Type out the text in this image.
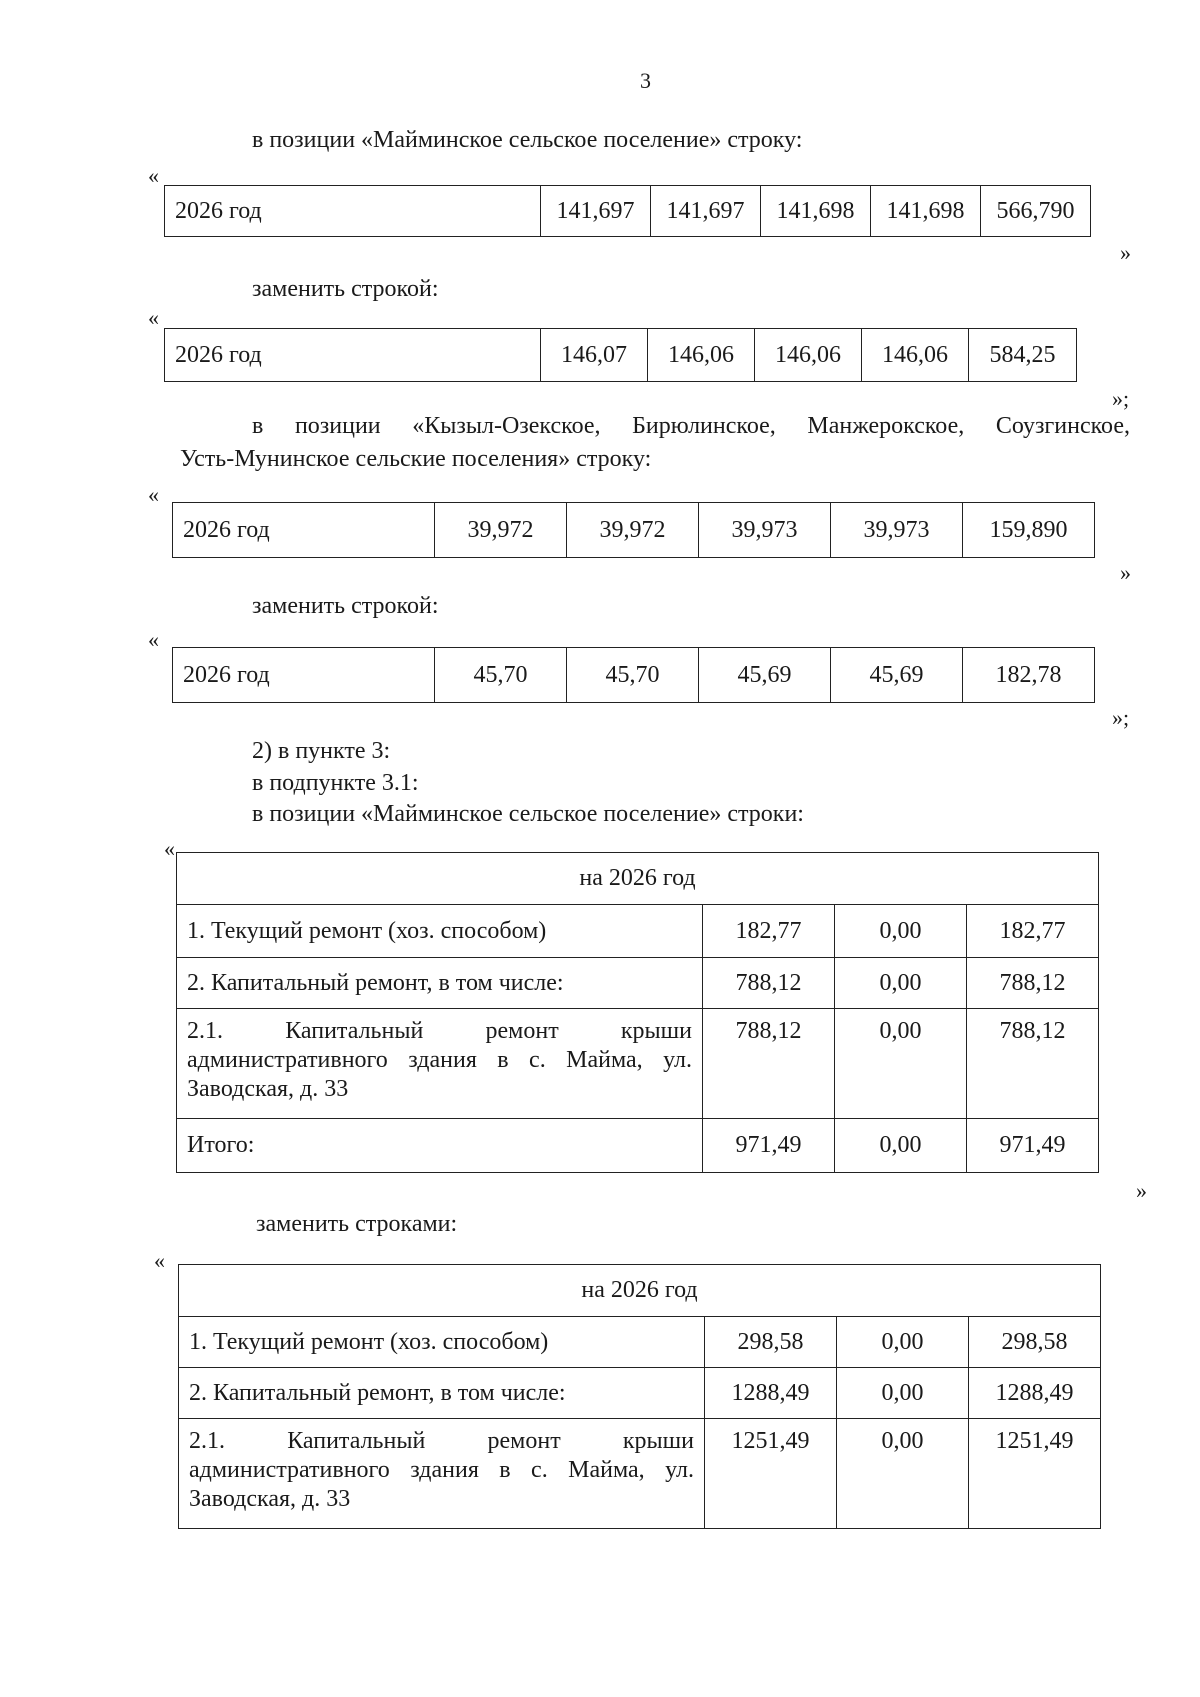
3
в позиции «Майминское сельское поселение» строку:
«
2026 год	141,697	141,697	141,698	141,698	566,790
»
заменить строкой:
«
2026 год	146,07	146,06	146,06	146,06	584,25
»;
в позиции «Кызыл-Озекское, Бирюлинское, Манжерокское, Соузгинское,
Усть-Мунинское сельские поселения» строку:
«
2026 год	39,972	39,972	39,973	39,973	159,890
»
заменить строкой:
«
2026 год	45,70	45,70	45,69	45,69	182,78
»;
2) в пункте 3:
в подпункте 3.1:
в позиции «Майминское сельское поселение» строки:
«
на 2026 год			
1. Текущий ремонт (хоз. способом)	182,77	0,00	182,77
2. Капитальный ремонт, в том числе:	788,12	0,00	788,12

2.1. Капитальный ремонт крыши
административного здания в с. Майма, ул.
Заводская, д. 33	788,12	0,00	788,12
Итого:	971,49	0,00	971,49
»
заменить строками:
«
на 2026 год			
1. Текущий ремонт (хоз. способом)	298,58	0,00	298,58
2. Капитальный ремонт, в том числе:	1288,49	0,00	1288,49

2.1. Капитальный ремонт крыши
административного здания в с. Майма, ул.
Заводская, д. 33	1251,49	0,00	1251,49
